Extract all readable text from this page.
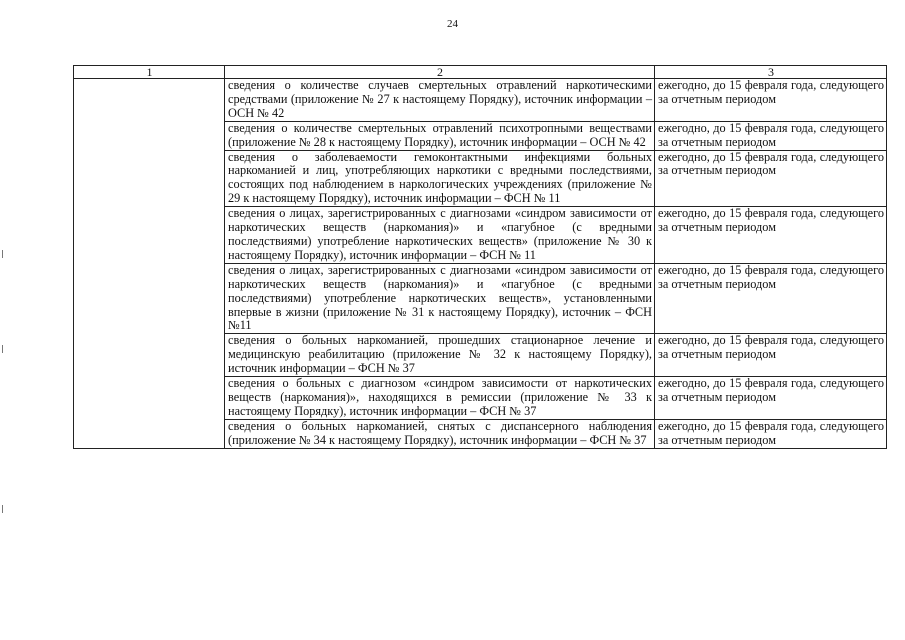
24
1	2	3
	сведения о количестве случаев смертельных отравлений наркотическими средствами (приложение № 27 к настоящему Порядку), источник информации – ОСН № 42	ежегодно, до 15 февраля года, следующего за отчетным периодом
	сведения о количестве смертельных отравлений психотропными веществами (приложение № 28 к настоящему Порядку), источник информации – ОСН № 42	ежегодно, до 15 февраля года, следующего за отчетным периодом
	сведения о заболеваемости гемоконтактными инфекциями больных наркоманией и лиц, употребляющих наркотики с вредными последствиями, состоящих под наблюдением в наркологических учреждениях (приложение № 29 к настоящему Порядку), источник информации – ФСН № 11	ежегодно, до 15 февраля года, следующего за отчетным периодом
	сведения о лицах, зарегистрированных с диагнозами «синдром зависимости от наркотических веществ (наркомания)» и «пагубное (с вредными последствиями) употребление наркотических веществ» (приложение № 30 к настоящему Порядку), источник информации – ФСН № 11	ежегодно, до 15 февраля года, следующего за отчетным периодом
	сведения о лицах, зарегистрированных с диагнозами «синдром зависимости от наркотических веществ (наркомания)» и «пагубное (с вредными последствиями) употребление наркотических веществ», установленными впервые в жизни (приложение № 31 к настоящему Порядку), источник – ФСН №11	ежегодно, до 15 февраля года, следующего за отчетным периодом
	сведения о больных наркоманией, прошедших стационарное лечение и медицинскую реабилитацию (приложение № 32 к настоящему Порядку), источник информации – ФСН № 37	ежегодно, до 15 февраля года, следующего за отчетным периодом
	сведения о больных с диагнозом «синдром зависимости от наркотических веществ (наркомания)», находящихся в ремиссии (приложение № 33 к настоящему Порядку), источник информации – ФСН № 37	ежегодно, до 15 февраля года, следующего за отчетным периодом
	сведения о больных наркоманией, снятых с диспансерного наблюдения (приложение № 34 к настоящему Порядку), источник информации – ФСН № 37	ежегодно, до 15 февраля года, следующего за отчетным периодом
